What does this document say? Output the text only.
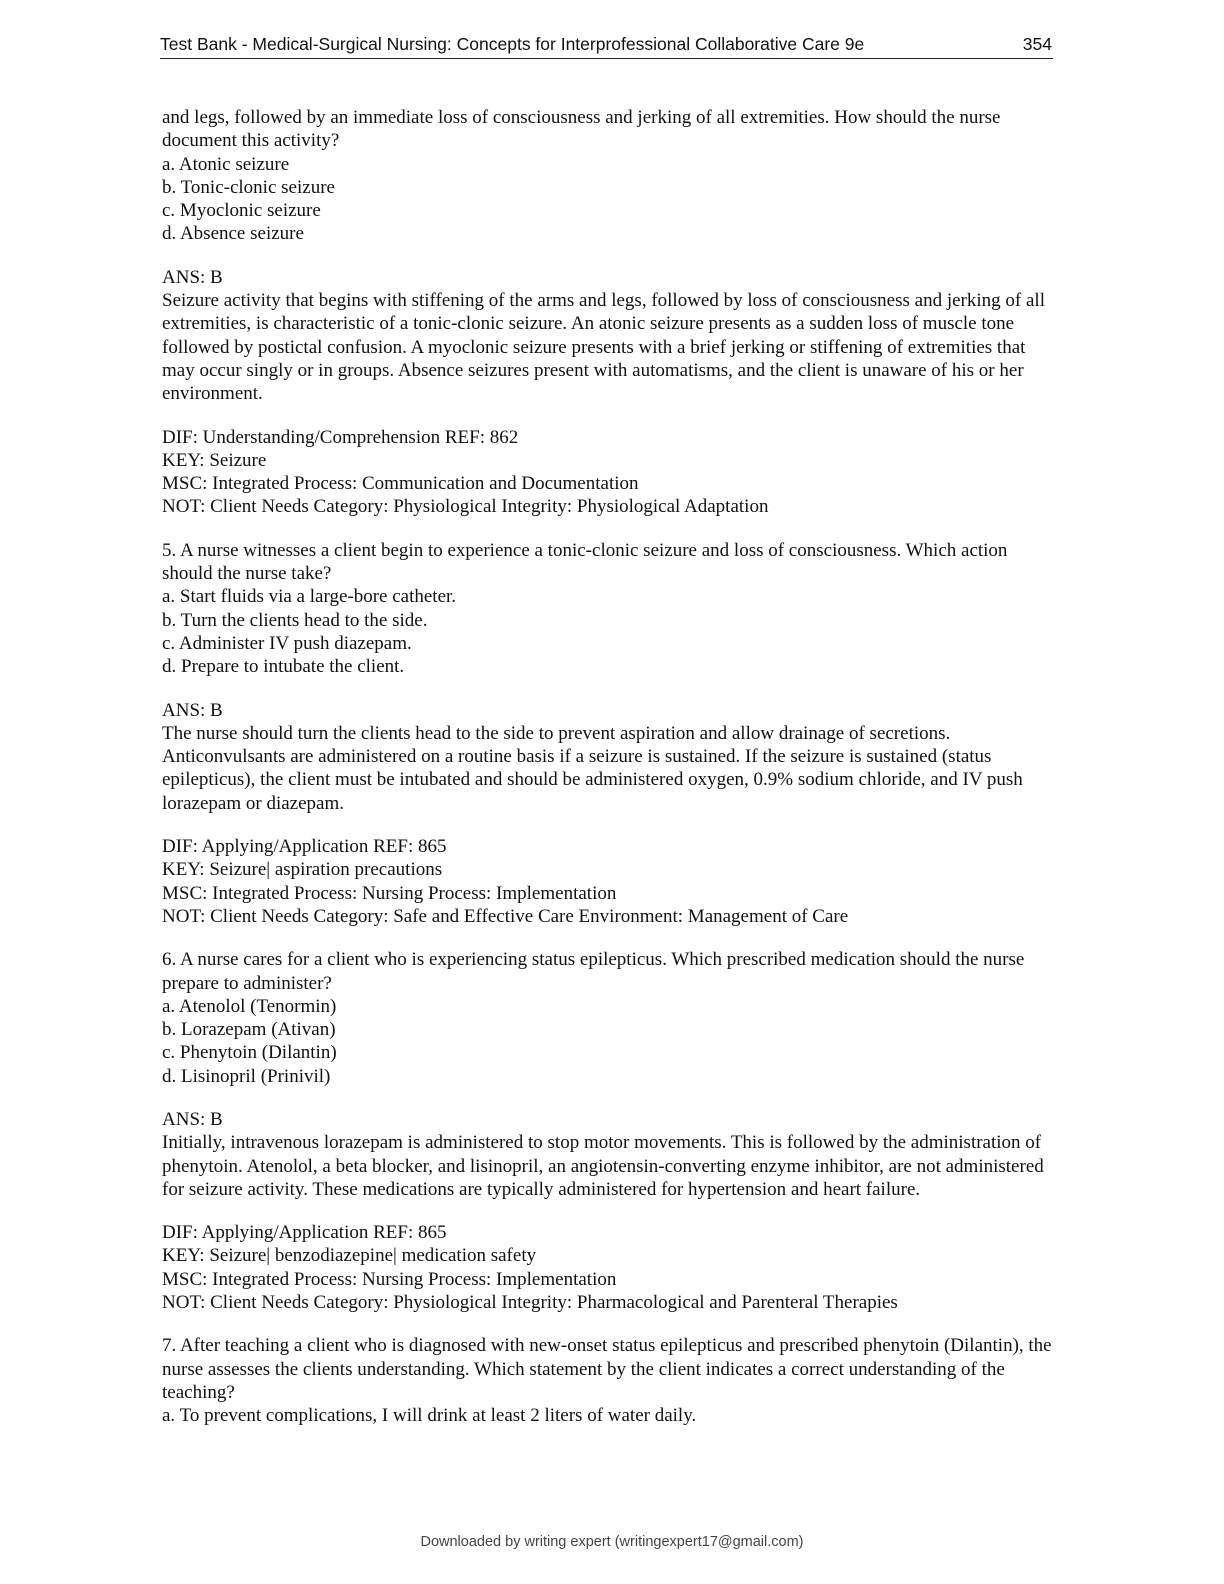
Test Bank - Medical-Surgical Nursing: Concepts for Interprofessional Collaborative Care 9e	354

and legs, followed by an immediate loss of consciousness and jerking of all extremities. How should the nurse document this activity?

a. Atonic seizure

b. Tonic-clonic seizure

c. Myoclonic seizure

d. Absence seizure

ANS: B

Seizure activity that begins with stiffening of the arms and legs, followed by loss of consciousness and jerking of all extremities, is characteristic of a tonic-clonic seizure. An atonic seizure presents as a sudden loss of muscle tone followed by postictal confusion. A myoclonic seizure presents with a brief jerking or stiffening of extremities that may occur singly or in groups. Absence seizures present with automatisms, and the client is unaware of his or her environment.

DIF: Understanding/Comprehension REF: 862

KEY: Seizure

MSC: Integrated Process: Communication and Documentation

NOT: Client Needs Category: Physiological Integrity: Physiological Adaptation

5. A nurse witnesses a client begin to experience a tonic-clonic seizure and loss of consciousness. Which action should the nurse take?

a. Start fluids via a large-bore catheter.

b. Turn the clients head to the side.

c. Administer IV push diazepam.

d. Prepare to intubate the client.

ANS: B

The nurse should turn the clients head to the side to prevent aspiration and allow drainage of secretions. Anticonvulsants are administered on a routine basis if a seizure is sustained. If the seizure is sustained (status epilepticus), the client must be intubated and should be administered oxygen, 0.9% sodium chloride, and IV push lorazepam or diazepam.

DIF: Applying/Application REF: 865

KEY: Seizure| aspiration precautions

MSC: Integrated Process: Nursing Process: Implementation

NOT: Client Needs Category: Safe and Effective Care Environment: Management of Care

6. A nurse cares for a client who is experiencing status epilepticus. Which prescribed medication should the nurse prepare to administer?

a. Atenolol (Tenormin)

b. Lorazepam (Ativan)

c. Phenytoin (Dilantin)

d. Lisinopril (Prinivil)

ANS: B

Initially, intravenous lorazepam is administered to stop motor movements. This is followed by the administration of phenytoin. Atenolol, a beta blocker, and lisinopril, an angiotensin-converting enzyme inhibitor, are not administered for seizure activity. These medications are typically administered for hypertension and heart failure.

DIF: Applying/Application REF: 865

KEY: Seizure| benzodiazepine| medication safety

MSC: Integrated Process: Nursing Process: Implementation

NOT: Client Needs Category: Physiological Integrity: Pharmacological and Parenteral Therapies

7. After teaching a client who is diagnosed with new-onset status epilepticus and prescribed phenytoin (Dilantin), the nurse assesses the clients understanding. Which statement by the client indicates a correct understanding of the teaching?

a. To prevent complications, I will drink at least 2 liters of water daily.

Downloaded by writing expert (writingexpert17@gmail.com)
